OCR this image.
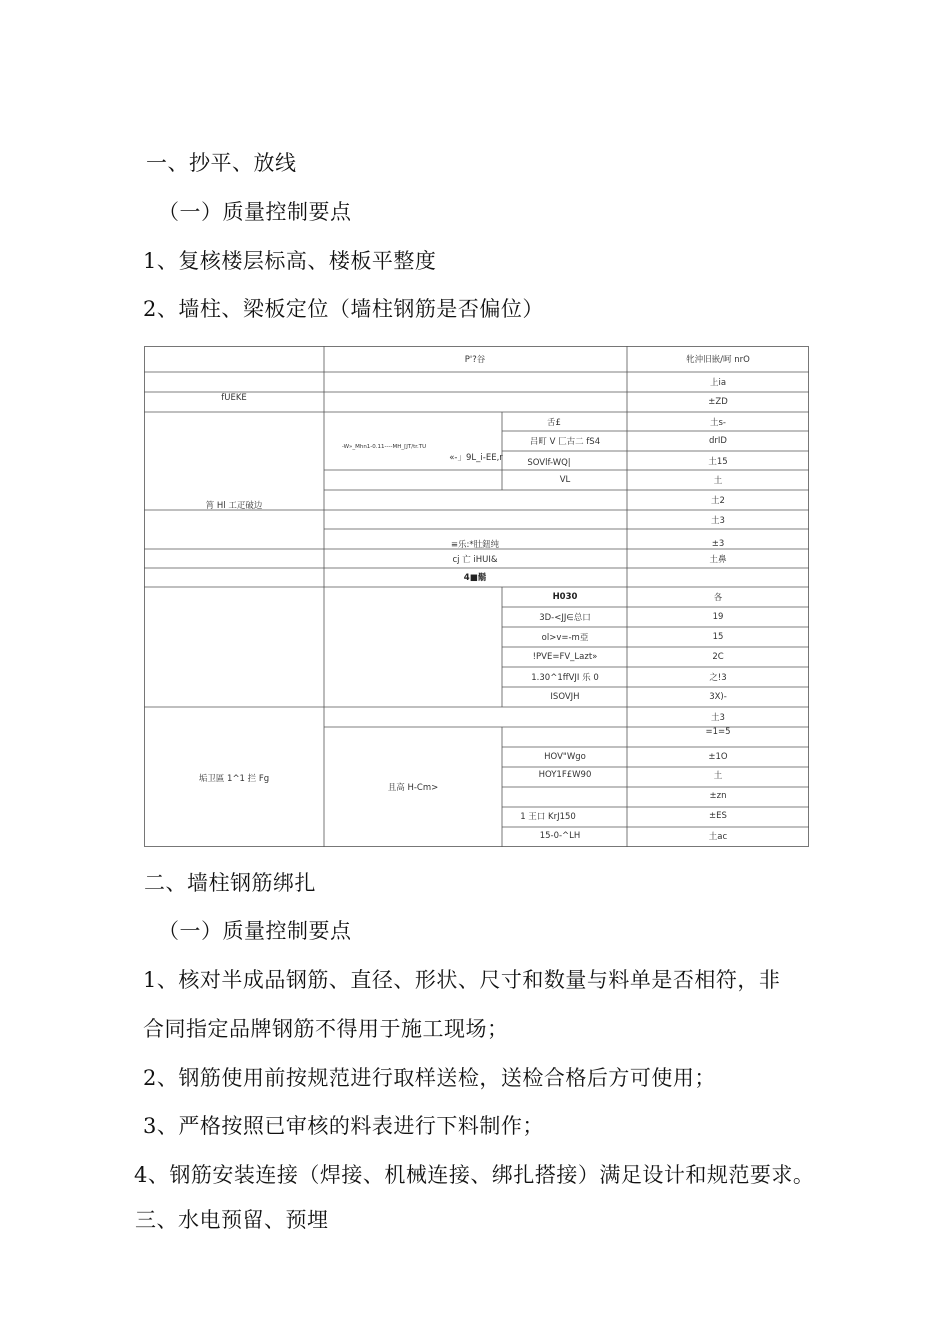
一、抄平、放线
（一）质量控制要点
1、复核楼层标高、楼板平整度
2、墙柱、梁板定位（墙柱钢筋是否偏位）
P'?谷	牝沖旧嵌/呵 nrO
fUEKE
筲 Hl 工疋破边
垢卫區 1^1 拦 Fg
-W»_Mhn1-0.11----MH_[JT/tr.TU
«-」9L_i-EE,r
≡乐:*肚鈕纯
cj 亡 iHUI&
4■鬍
且高 H-Cm>
舌£
吕町 V 匚古二 fS4
SOVlf-WQ|
VL
H030
3D-<JJ∈总口
ol>v=-m亞
!PVE=FV_Lazt»
1.30^1ffVJI 乐 0
ISOVJH
HOV"Wgo
HOY1F£W90
1 王口 KrJ150
15-0-^LH
上ia
±ZD
土s-
drID
土15
土
土2
土3
±3
土鼻
各
19
15
2C
之!3
3X)-
土3
=1=5
±1O
土
±zn
±ES
土ac
二、墙柱钢筋绑扎
（一）质量控制要点
1、核对半成品钢筋、直径、形状、尺寸和数量与料单是否相符，非
合同指定品牌钢筋不得用于施工现场；
2、钢筋使用前按规范进行取样送检，送检合格后方可使用；
3、严格按照已审核的料表进行下料制作；
4、钢筋安装连接（焊接、机械连接、绑扎搭接）满足设计和规范要求。
三、水电预留、预埋
